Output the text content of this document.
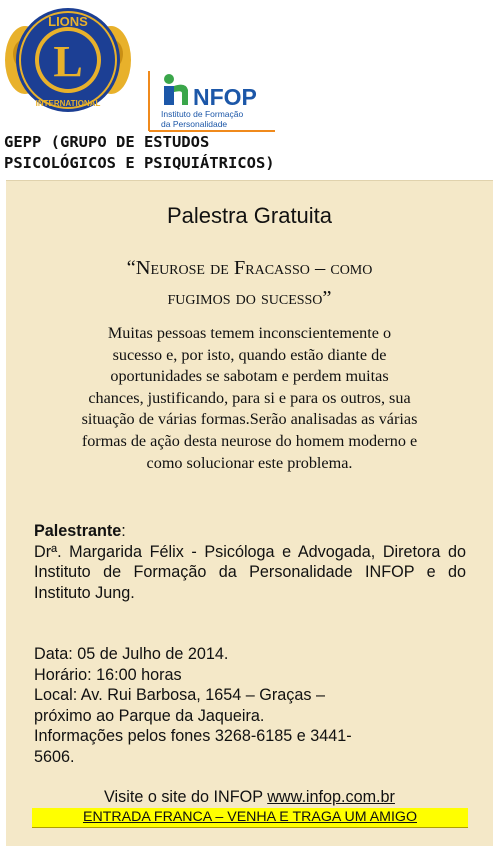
LIONS
L
INTERNATIONAL	NFOP
Instituto de Formação
da Personalidade
GEPP (GRUPO DE ESTUDOS
PSICOLÓGICOS E PSIQUIÁTRICOS)
Palestra Gratuita
“Neurose de Fracasso – como
fugimos do sucesso”
Muitas pessoas temem inconscientemente o
sucesso e, por isto, quando estão diante de
oportunidades se sabotam e perdem muitas
chances, justificando, para si e para os outros, sua
situação de várias formas.Serão analisadas as várias
formas de ação desta neurose do homem moderno e
como solucionar este problema.
Palestrante:
Drª. Margarida Félix - Psicóloga e Advogada, Diretora do Instituto de Formação da Personalidade INFOP e do Instituto Jung.
Data: 05 de Julho de 2014.
Horário: 16:00 horas
Local: Av. Rui Barbosa, 1654 – Graças –
próximo ao Parque da Jaqueira.
Informações pelos fones 3268-6185 e 3441-
5606.
Visite o site do INFOP www.infop.com.br
ENTRADA FRANCA – VENHA E TRAGA UM AMIGO
